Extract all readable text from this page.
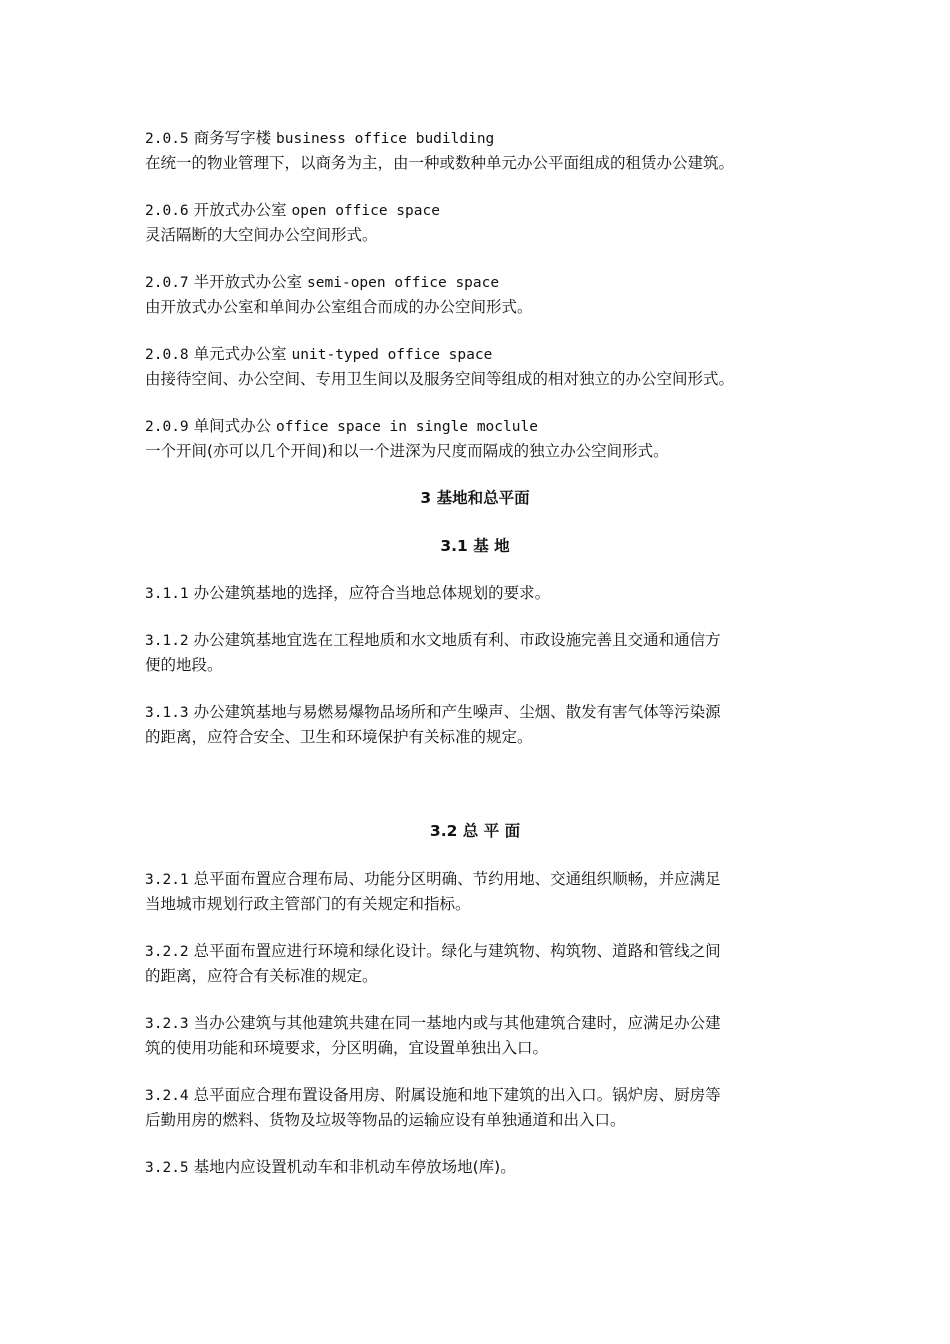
2.0.5 商务写字楼 business office budilding
在统一的物业管理下，以商务为主，由一种或数种单元办公平面组成的租赁办公建筑。
2.0.6 开放式办公室 open office space
灵活隔断的大空间办公空间形式。
2.0.7 半开放式办公室 semi-open office space
由开放式办公室和单间办公室组合而成的办公空间形式。
2.0.8 单元式办公室 unit-typed office space
由接待空间、办公空间、专用卫生间以及服务空间等组成的相对独立的办公空间形式。
2.0.9 单间式办公 office space in single moclule
一个开间(亦可以几个开间)和以一个进深为尺度而隔成的独立办公空间形式。
3 基地和总平面
3.1 基 地
3.1.1 办公建筑基地的选择，应符合当地总体规划的要求。
3.1.2 办公建筑基地宜选在工程地质和水文地质有利、市政设施完善且交通和通信方
便的地段。
3.1.3 办公建筑基地与易燃易爆物品场所和产生噪声、尘烟、散发有害气体等污染源
的距离，应符合安全、卫生和环境保护有关标准的规定。
3.2 总 平 面
3.2.1 总平面布置应合理布局、功能分区明确、节约用地、交通组织顺畅，并应满足
当地城市规划行政主管部门的有关规定和指标。
3.2.2 总平面布置应进行环境和绿化设计。绿化与建筑物、构筑物、道路和管线之间
的距离，应符合有关标准的规定。
3.2.3 当办公建筑与其他建筑共建在同一基地内或与其他建筑合建时，应满足办公建
筑的使用功能和环境要求，分区明确，宜设置单独出入口。
3.2.4 总平面应合理布置设备用房、附属设施和地下建筑的出入口。锅炉房、厨房等
后勤用房的燃料、货物及垃圾等物品的运输应设有单独通道和出入口。
3.2.5 基地内应设置机动车和非机动车停放场地(库)。
